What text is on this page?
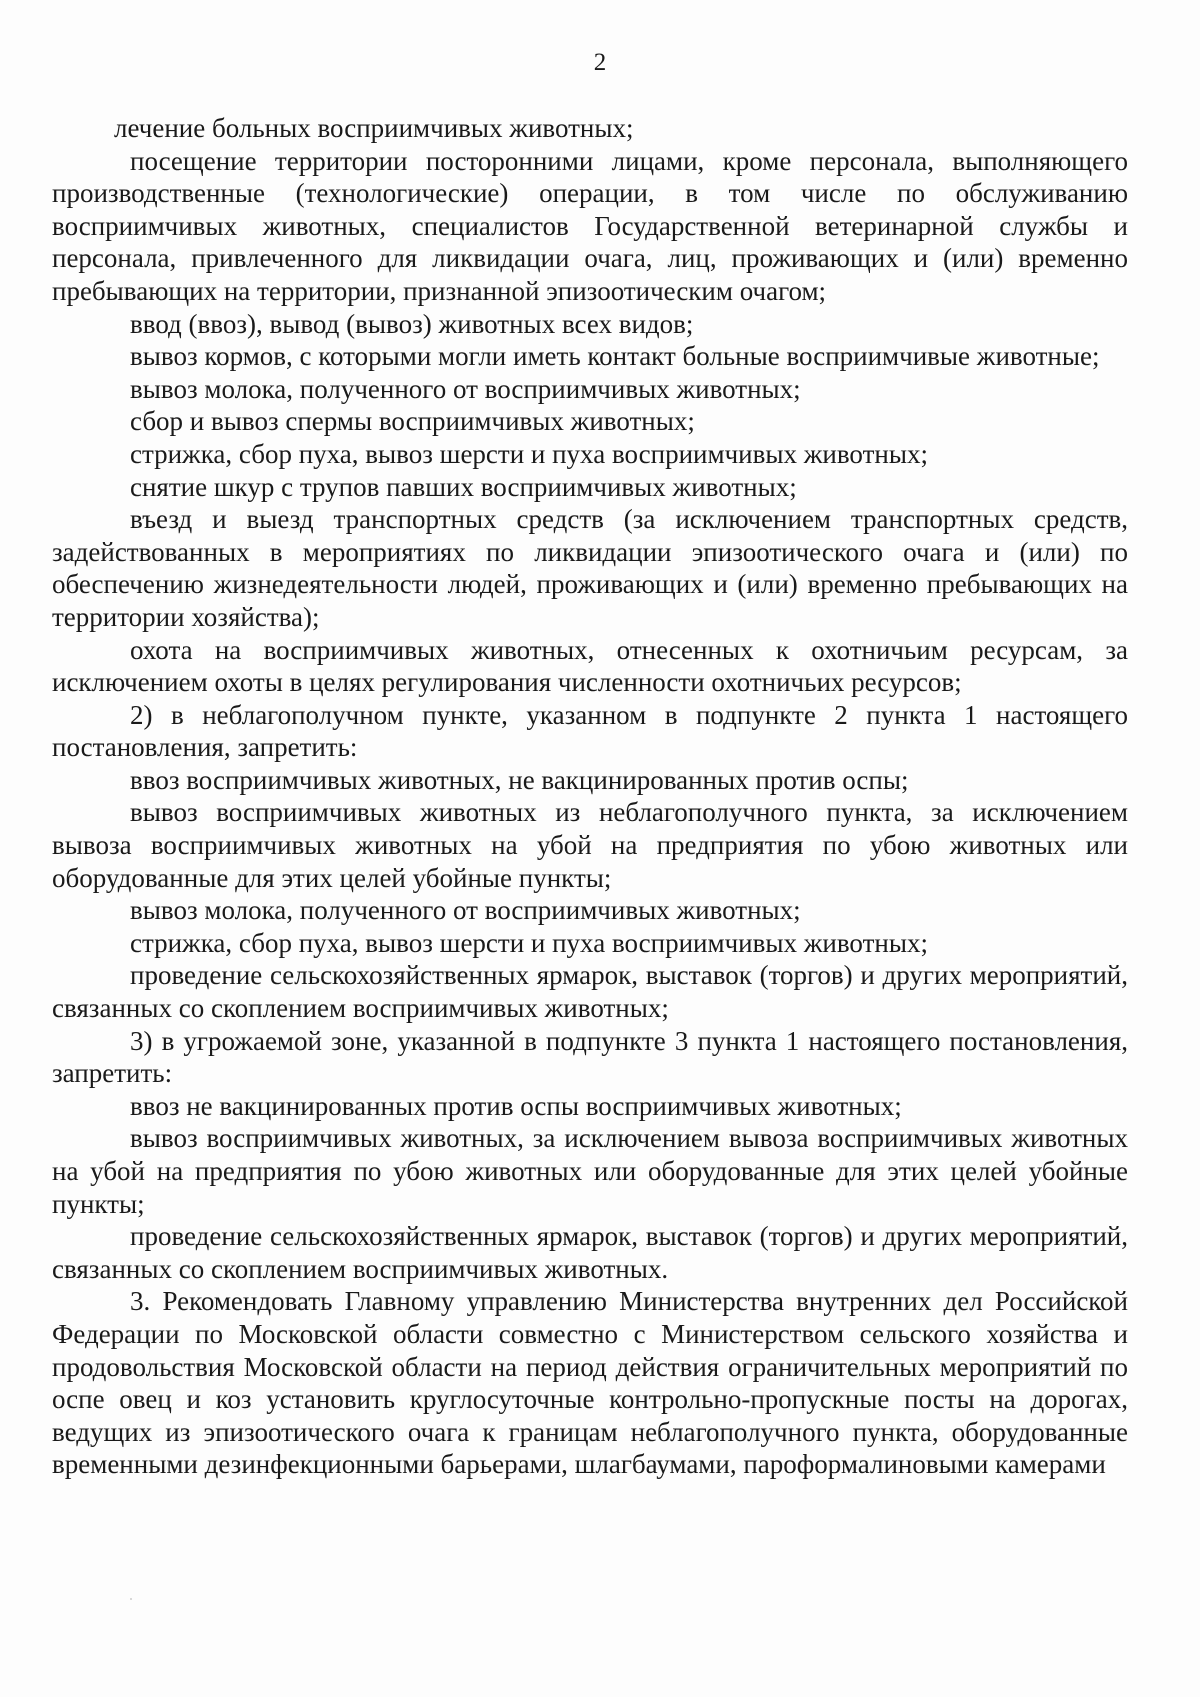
2

лечение больных восприимчивых животных;

посещение территории посторонними лицами, кроме персонала, выполняющего производственные (технологические) операции, в том числе по обслуживанию восприимчивых животных, специалистов Государственной ветеринарной службы и персонала, привлеченного для ликвидации очага, лиц, проживающих и (или) временно пребывающих на территории, признанной эпизоотическим очагом;

ввод (ввоз), вывод (вывоз) животных всех видов;

вывоз кормов, с которыми могли иметь контакт больные восприимчивые животные;

вывоз молока, полученного от восприимчивых животных;

сбор и вывоз спермы восприимчивых животных;

стрижка, сбор пуха, вывоз шерсти и пуха восприимчивых животных;

снятие шкур с трупов павших восприимчивых животных;

въезд и выезд транспортных средств (за исключением транспортных средств, задействованных в мероприятиях по ликвидации эпизоотического очага и (или) по обеспечению жизнедеятельности людей, проживающих и (или) временно пребывающих на территории хозяйства);

охота на восприимчивых животных, отнесенных к охотничьим ресурсам, за исключением охоты в целях регулирования численности охотничьих ресурсов;

2) в неблагополучном пункте, указанном в подпункте 2 пункта 1 настоящего постановления, запретить:

ввоз восприимчивых животных, не вакцинированных против оспы;

вывоз восприимчивых животных из неблагополучного пункта, за исключением вывоза восприимчивых животных на убой на предприятия по убою животных или оборудованные для этих целей убойные пункты;

вывоз молока, полученного от восприимчивых животных;

стрижка, сбор пуха, вывоз шерсти и пуха восприимчивых животных;

проведение сельскохозяйственных ярмарок, выставок (торгов) и других мероприятий, связанных со скоплением восприимчивых животных;

3) в угрожаемой зоне, указанной в подпункте 3 пункта 1 настоящего постановления, запретить:

ввоз не вакцинированных против оспы восприимчивых животных;

вывоз восприимчивых животных, за исключением вывоза восприимчивых животных на убой на предприятия по убою животных или оборудованные для этих целей убойные пункты;

проведение сельскохозяйственных ярмарок, выставок (торгов) и других мероприятий, связанных со скоплением восприимчивых животных.

3. Рекомендовать Главному управлению Министерства внутренних дел Российской Федерации по Московской области совместно с Министерством сельского хозяйства и продовольствия Московской области на период действия ограничительных мероприятий по оспе овец и коз установить круглосуточные контрольно-пропускные посты на дорогах, ведущих из эпизоотического очага к границам неблагополучного пункта, оборудованные временными дезинфекционными барьерами, шлагбаумами, пароформалиновыми камерами
